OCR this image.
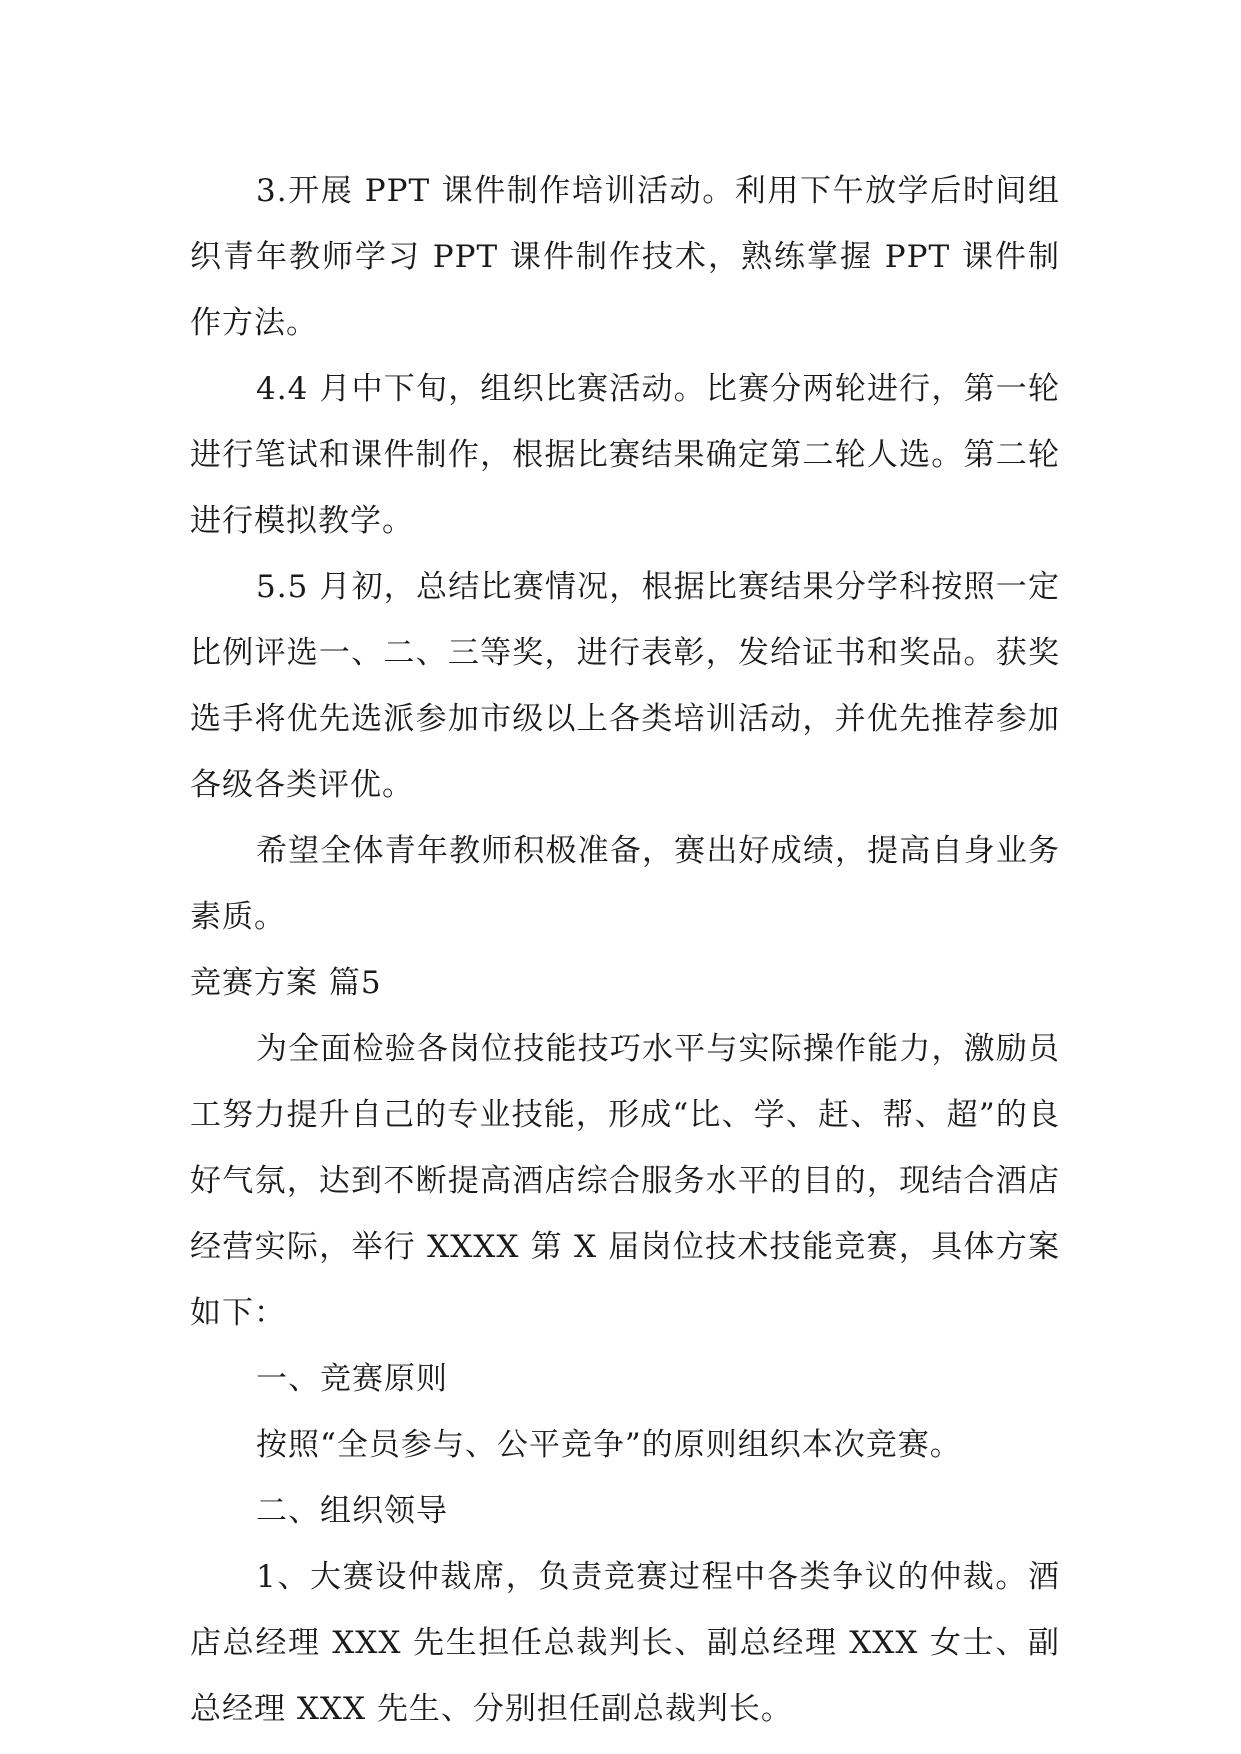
3.开展 PPT 课件制作培训活动。利用下午放学后时间组织青年教师学习 PPT 课件制作技术，熟练掌握 PPT 课件制作方法。

4.4 月中下旬，组织比赛活动。比赛分两轮进行，第一轮进行笔试和课件制作，根据比赛结果确定第二轮人选。第二轮进行模拟教学。

5.5 月初，总结比赛情况，根据比赛结果分学科按照一定比例评选一、二、三等奖，进行表彰，发给证书和奖品。获奖选手将优先选派参加市级以上各类培训活动，并优先推荐参加各级各类评优。

希望全体青年教师积极准备，赛出好成绩，提高自身业务素质。

竞赛方案 篇5

为全面检验各岗位技能技巧水平与实际操作能力，激励员工努力提升自己的专业技能，形成“比、学、赶、帮、超”的良好气氛，达到不断提高酒店综合服务水平的目的，现结合酒店经营实际，举行 XXXX 第 X 届岗位技术技能竞赛，具体方案如下：

一、竞赛原则

按照“全员参与、公平竞争”的原则组织本次竞赛。

二、组织领导

1、大赛设仲裁席，负责竞赛过程中各类争议的仲裁。酒店总经理 XXX 先生担任总裁判长、副总经理 XXX 女士、副总经理 XXX 先生、分别担任副总裁判长。
